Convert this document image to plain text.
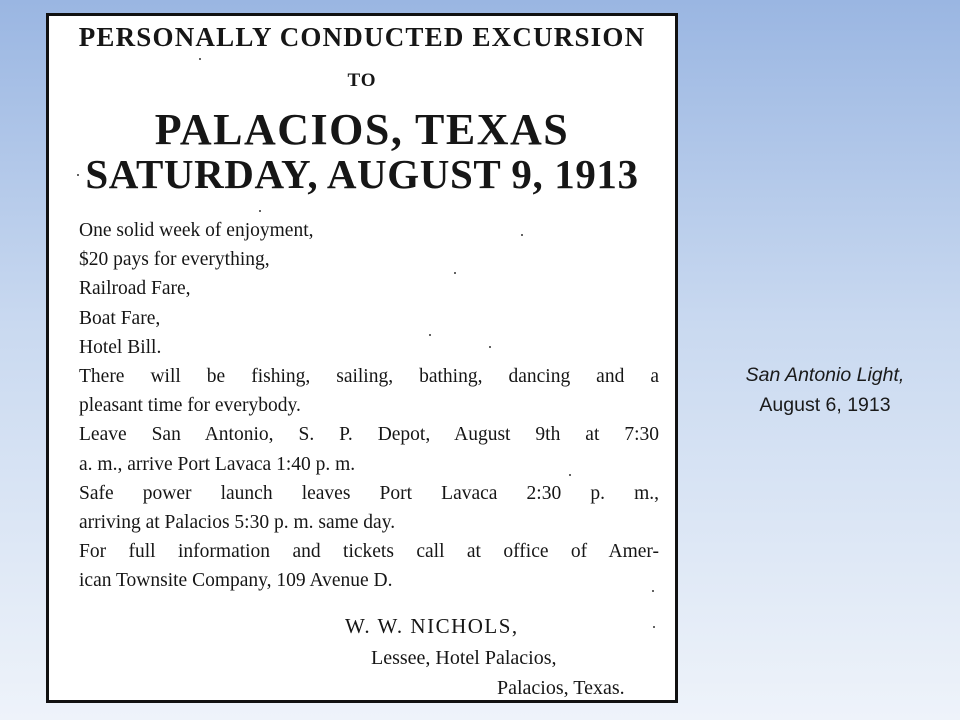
PERSONALLY CONDUCTED EXCURSION
TO
PALACIOS, TEXAS
SATURDAY, AUGUST 9, 1913
One solid week of enjoyment,
$20 pays for everything,
Railroad Fare,
Boat Fare,
Hotel Bill.
There will be fishing, sailing, bathing, dancing and a
pleasant time for everybody.
Leave San Antonio, S. P. Depot, August 9th at 7:30
a. m., arrive Port Lavaca 1:40 p. m.
Safe power launch leaves Port Lavaca 2:30 p. m.,
arriving at Palacios 5:30 p. m. same day.
For full information and tickets call at office of Amer-
ican Townsite Company, 109 Avenue D.
W. W. NICHOLS,
Lessee, Hotel Palacios,
Palacios, Texas.
San Antonio Light,
August 6, 1913
